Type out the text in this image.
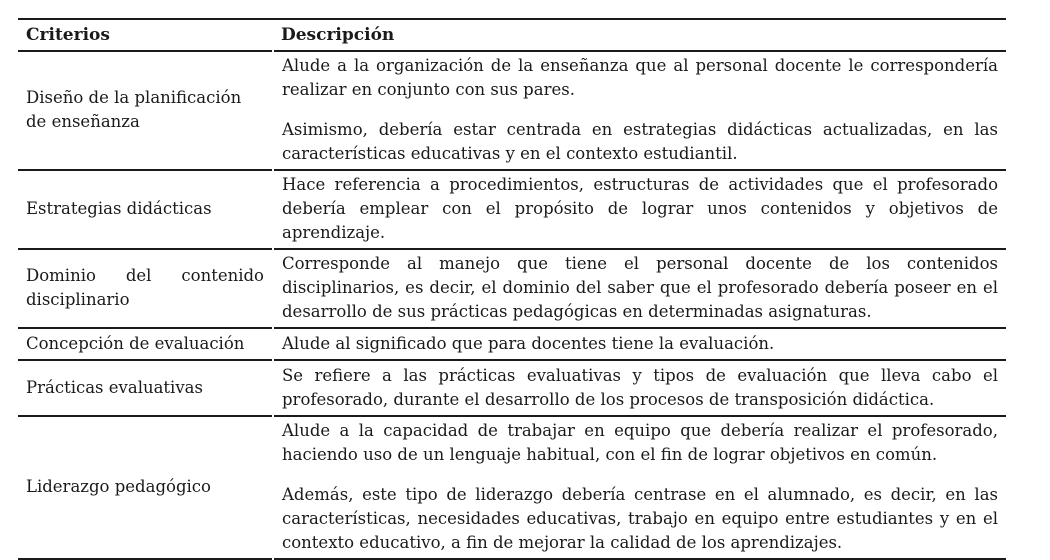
Criterios	Descripción
Diseño de la planificación de enseñanza	Alude a la organización de la enseñanza que al personal docente le correspondería realizar en conjunto con sus pares.

Asimismo, debería estar centrada en estrategias didácticas actualizadas, en las características educativas y en el contexto estudiantil.

Estrategias didácticas	Hace referencia a procedimientos, estructuras de actividades que el profesorado debería emplear con el propósito de lograr unos contenidos y objetivos de aprendizaje.

Dominio del contenido disciplinario	Corresponde al manejo que tiene el personal docente de los contenidos disciplinarios, es decir, el dominio del saber que el profesorado debería poseer en el desarrollo de sus prácticas pedagógicas en determinadas asignaturas.

Concepción de evaluación	Alude al significado que para docentes tiene la evaluación.

Prácticas evaluativas	Se refiere a las prácticas evaluativas y tipos de evaluación que lleva cabo el profesorado, durante el desarrollo de los procesos de transposición didáctica.

Liderazgo pedagógico	Alude a la capacidad de trabajar en equipo que debería realizar el profesorado, haciendo uso de un lenguaje habitual, con el fin de lograr objetivos en común.

Además, este tipo de liderazgo debería centrase en el alumnado, es decir, en las características, necesidades educativas, trabajo en equipo entre estudiantes y en el contexto educativo, a fin de mejorar la calidad de los aprendizajes.
